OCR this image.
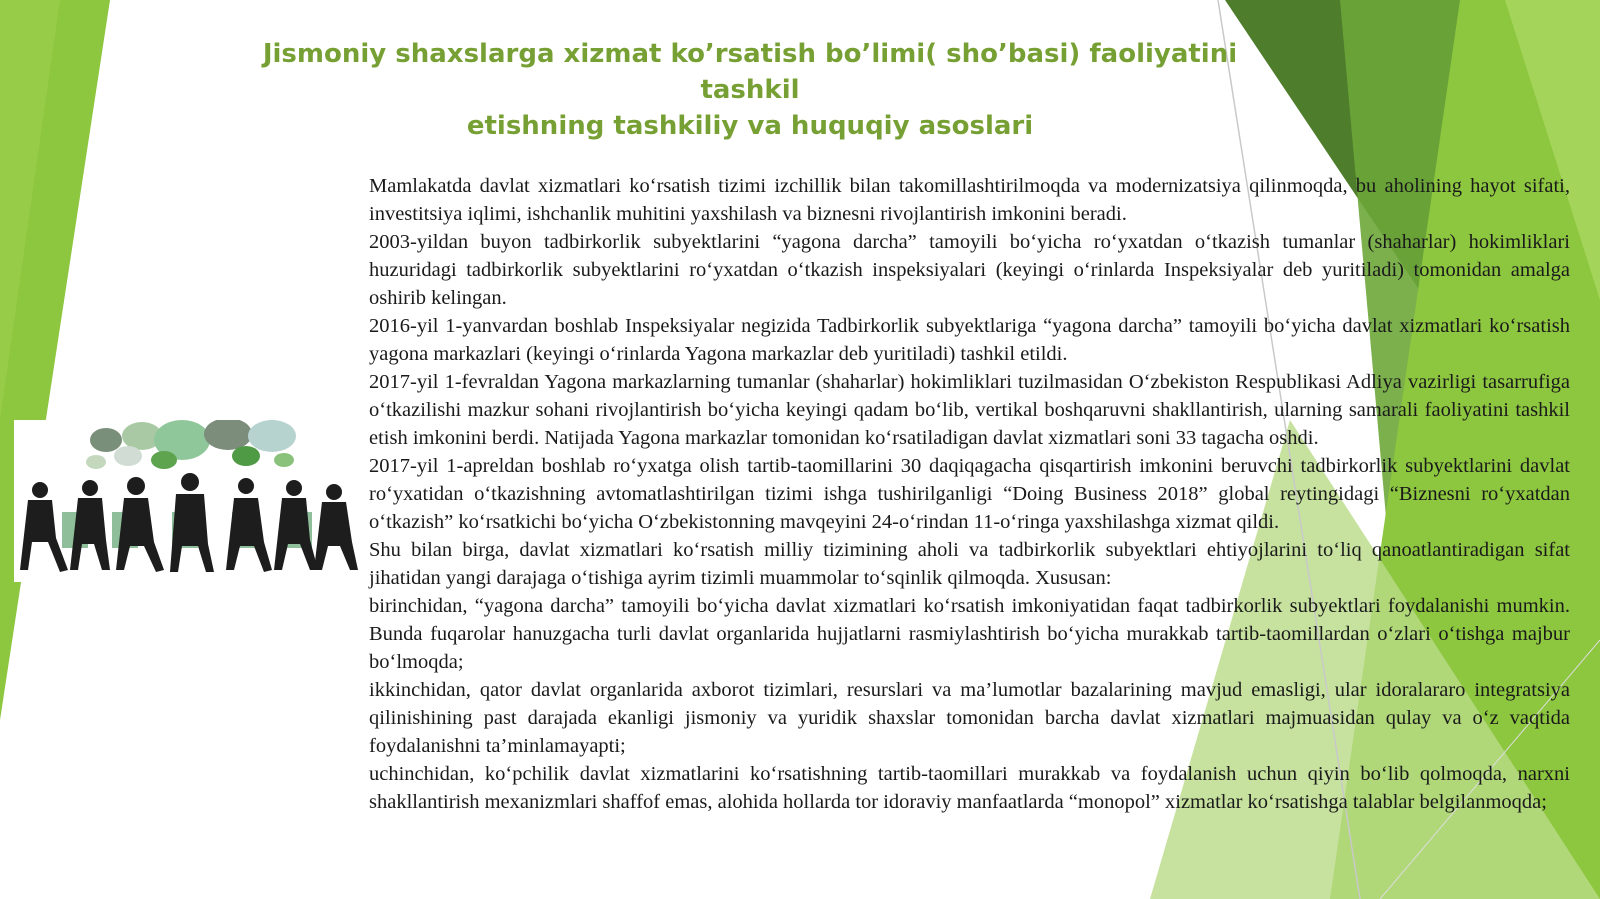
Jismoniy shaxslarga xizmat koʼrsatish boʼlimi( shoʼbasi) faoliyatini tashkil
etishning tashkiliy va huquqiy asoslari

Mamlakatda davlat xizmatlari ko‘rsatish tizimi izchillik bilan takomillashtirilmoqda va modernizatsiya qilinmoqda, bu aholining hayot sifati, investitsiya iqlimi, ishchanlik muhitini yaxshilash va biznesni rivojlantirish imkonini beradi.

2003-yildan buyon tadbirkorlik subyektlarini “yagona darcha” tamoyili bo‘yicha ro‘yxatdan o‘tkazish tumanlar (shaharlar) hokimliklari huzuridagi tadbirkorlik subyektlarini ro‘yxatdan o‘tkazish inspeksiyalari (keyingi o‘rinlarda Inspeksiyalar deb yuritiladi) tomonidan amalga oshirib kelingan.

2016-yil 1-yanvardan boshlab Inspeksiyalar negizida Tadbirkorlik subyektlariga “yagona darcha” tamoyili bo‘yicha davlat xizmatlari ko‘rsatish yagona markazlari (keyingi o‘rinlarda Yagona markazlar deb yuritiladi) tashkil etildi.

2017-yil 1-fevraldan Yagona markazlarning tumanlar (shaharlar) hokimliklari tuzilmasidan O‘zbekiston Respublikasi Adliya vazirligi tasarrufiga o‘tkazilishi mazkur sohani rivojlantirish bo‘yicha keyingi qadam bo‘lib, vertikal boshqaruvni shakllantirish, ularning samarali faoliyatini tashkil etish imkonini berdi. Natijada Yagona markazlar tomonidan ko‘rsatiladigan davlat xizmatlari soni 33 tagacha oshdi.

2017-yil 1-apreldan boshlab ro‘yxatga olish tartib-taomillarini 30 daqiqagacha qisqartirish imkonini beruvchi tadbirkorlik subyektlarini davlat ro‘yxatidan o‘tkazishning avtomatlashtirilgan tizimi ishga tushirilganligi “Doing Business 2018” global reytingidagi “Biznesni ro‘yxatdan o‘tkazish” ko‘rsatkichi bo‘yicha O‘zbekistonning mavqeyini 24-o‘rindan 11-o‘ringa yaxshilashga xizmat qildi.

Shu bilan birga, davlat xizmatlari ko‘rsatish milliy tizimining aholi va tadbirkorlik subyektlari ehtiyojlarini to‘liq qanoatlantiradigan sifat jihatidan yangi darajaga o‘tishiga ayrim tizimli muammolar to‘sqinlik qilmoqda. Xususan:

birinchidan, “yagona darcha” tamoyili bo‘yicha davlat xizmatlari ko‘rsatish imkoniyatidan faqat tadbirkorlik subyektlari foydalanishi mumkin. Bunda fuqarolar hanuzgacha turli davlat organlarida hujjatlarni rasmiylashtirish bo‘yicha murakkab tartib-taomillardan o‘zlari o‘tishga majbur bo‘lmoqda;

ikkinchidan, qator davlat organlarida axborot tizimlari, resurslari va ma’lumotlar bazalarining mavjud emasligi, ular idoralararo integratsiya qilinishining past darajada ekanligi jismoniy va yuridik shaxslar tomonidan barcha davlat xizmatlari majmuasidan qulay va o‘z vaqtida foydalanishni ta’minlamayapti;

uchinchidan, ko‘pchilik davlat xizmatlarini ko‘rsatishning tartib-taomillari murakkab va foydalanish uchun qiyin bo‘lib qolmoqda, narxni shakllantirish mexanizmlari shaffof emas, alohida hollarda tor idoraviy manfaatlarda “monopol” xizmatlar ko‘rsatishga talablar belgilanmoqda;
